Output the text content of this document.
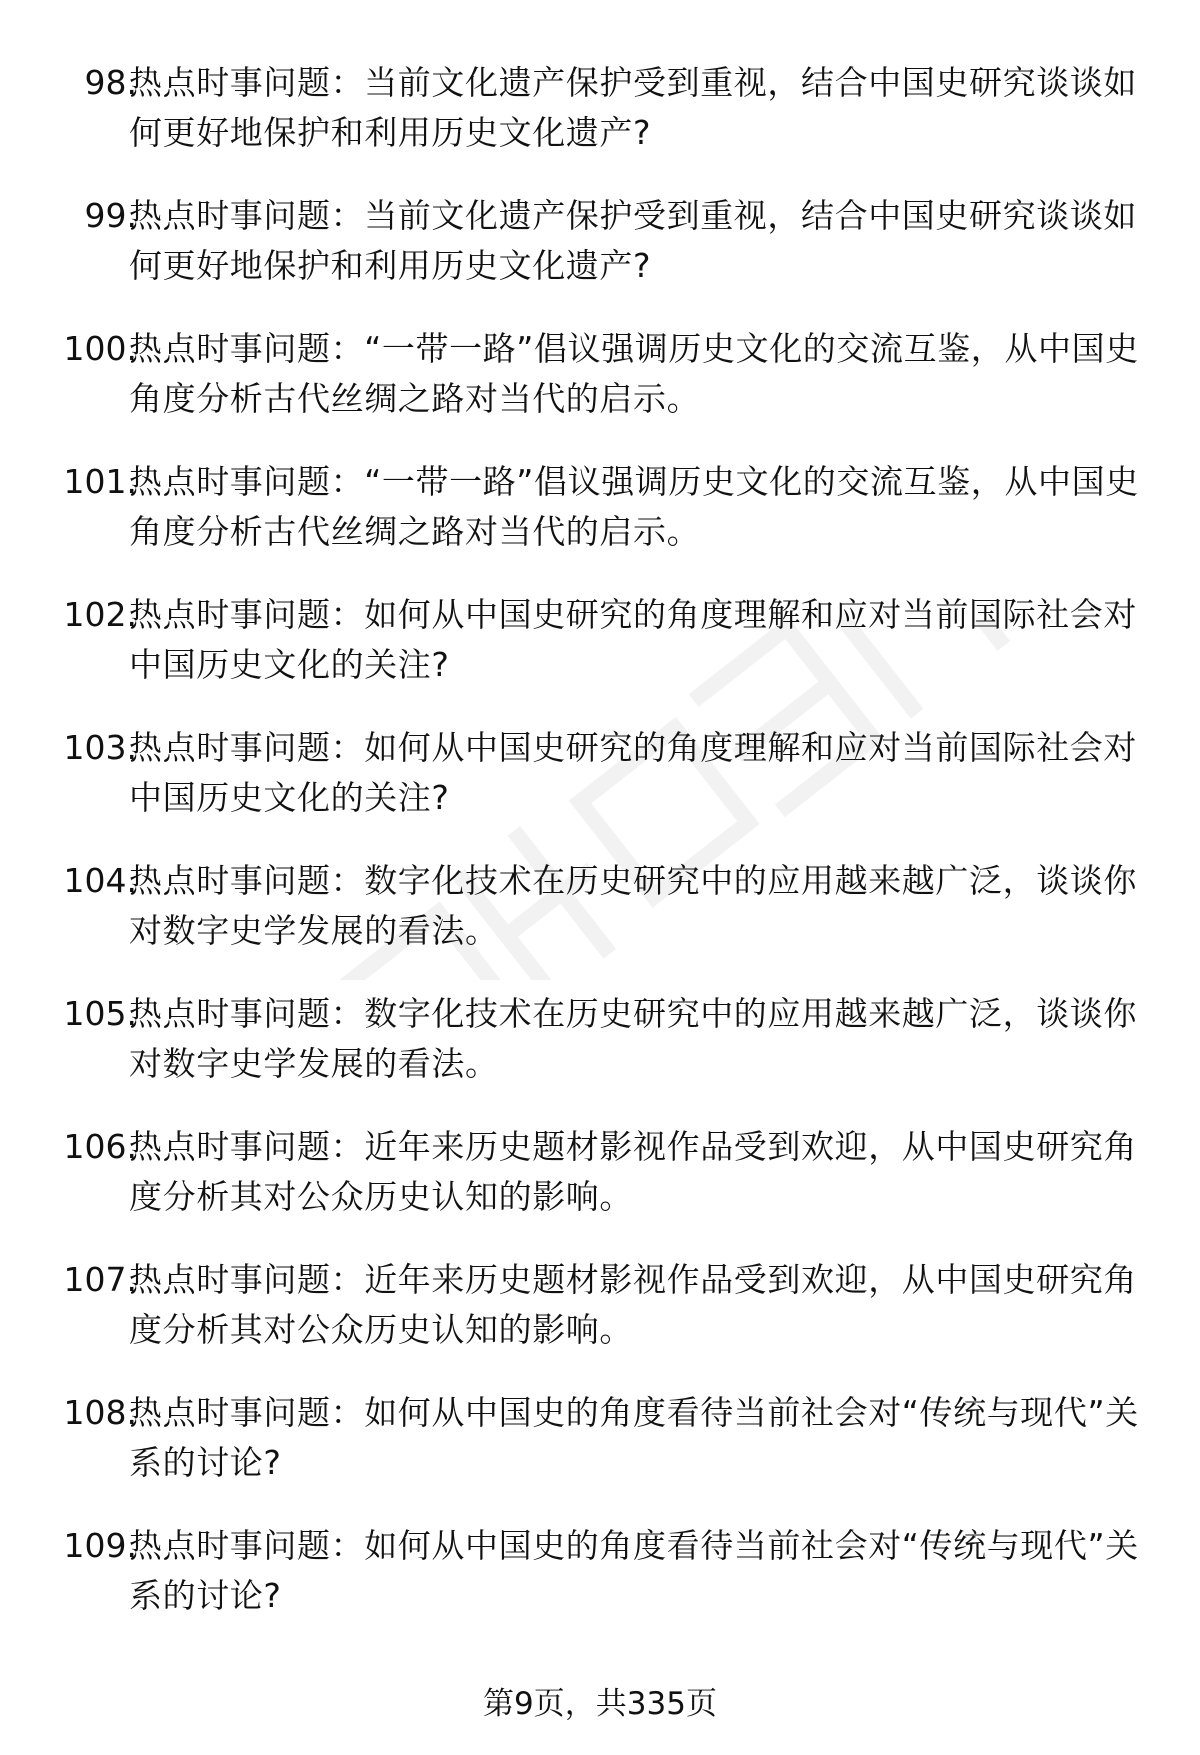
98.
热点时事问题：当前文化遗产保护受到重视，结合中国史研究谈谈如何更好地保护和利用历史文化遗产?
99.
热点时事问题：当前文化遗产保护受到重视，结合中国史研究谈谈如何更好地保护和利用历史文化遗产?
100.
热点时事问题：“一带一路”倡议强调历史文化的交流互鉴，从中国史角度分析古代丝绸之路对当代的启示。
101.
热点时事问题：“一带一路”倡议强调历史文化的交流互鉴，从中国史角度分析古代丝绸之路对当代的启示。
102.
热点时事问题：如何从中国史研究的角度理解和应对当前国际社会对中国历史文化的关注?
103.
热点时事问题：如何从中国史研究的角度理解和应对当前国际社会对中国历史文化的关注?
104.
热点时事问题：数字化技术在历史研究中的应用越来越广泛，谈谈你对数字史学发展的看法。
105.
热点时事问题：数字化技术在历史研究中的应用越来越广泛，谈谈你对数字史学发展的看法。
106.
热点时事问题：近年来历史题材影视作品受到欢迎，从中国史研究角度分析其对公众历史认知的影响。
107.
热点时事问题：近年来历史题材影视作品受到欢迎，从中国史研究角度分析其对公众历史认知的影响。
108.
热点时事问题：如何从中国史的角度看待当前社会对“传统与现代”关系的讨论?
109.
热点时事问题：如何从中国史的角度看待当前社会对“传统与现代”关系的讨论?
第9页，共335页
